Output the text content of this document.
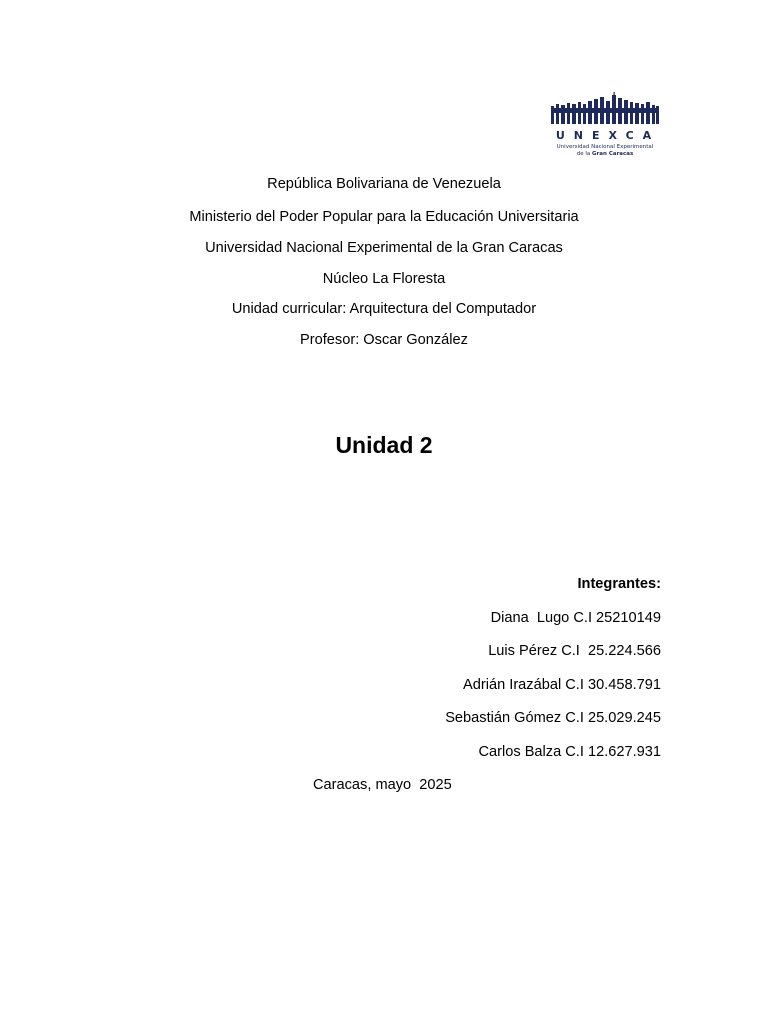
UNEXCA
Universidad Nacional Experimental
de la Gran Caracas
República Bolivariana de Venezuela
Ministerio del Poder Popular para la Educación Universitaria
Universidad Nacional Experimental de la Gran Caracas
Núcleo La Floresta
Unidad curricular: Arquitectura del Computador
Profesor: Oscar González
Unidad 2
Integrantes:
Diana  Lugo C.I 25210149
Luis Pérez C.I  25.224.566
Adrián Irazábal C.I 30.458.791
Sebastián Gómez C.I 25.029.245
Carlos Balza C.I 12.627.931
Caracas, mayo  2025
